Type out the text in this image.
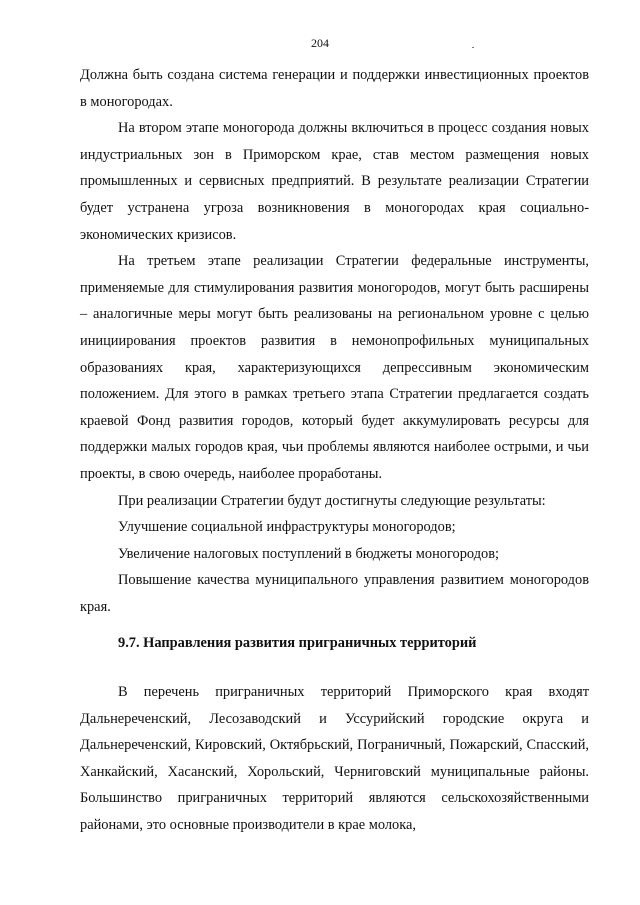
204

Должна быть создана система генерации и поддержки инвестиционных проектов в моногородах.

На втором этапе моногорода должны включиться в процесс создания новых индустриальных зон в Приморском крае, став местом размещения новых промышленных и сервисных предприятий. В результате реализации Стратегии будет устранена угроза возникновения в моногородах края социально-экономических кризисов.

На третьем этапе реализации Стратегии федеральные инструменты, применяемые для стимулирования развития моногородов, могут быть расширены – аналогичные меры могут быть реализованы на региональном уровне с целью инициирования проектов развития в немонопрофильных муниципальных образованиях края, характеризующихся депрессивным экономическим положением. Для этого в рамках третьего этапа Стратегии предлагается создать краевой Фонд развития городов, который будет аккумулировать ресурсы для поддержки малых городов края, чьи проблемы являются наиболее острыми, и чьи проекты, в свою очередь, наиболее проработаны.

При реализации Стратегии будут достигнуты следующие результаты:

Улучшение социальной инфраструктуры моногородов;

Увеличение налоговых поступлений в бюджеты моногородов;

Повышение качества муниципального управления развитием моногородов края.

9.7. Направления развития приграничных территорий

В перечень приграничных территорий Приморского края входят Дальнереченский, Лесозаводский и Уссурийский городские округа и Дальнереченский, Кировский, Октябрьский, Пограничный, Пожарский, Спасский, Ханкайский, Хасанский, Хорольский, Черниговский муниципальные районы. Большинство приграничных территорий являются сельскохозяйственными районами, это основные производители в крае молока,
